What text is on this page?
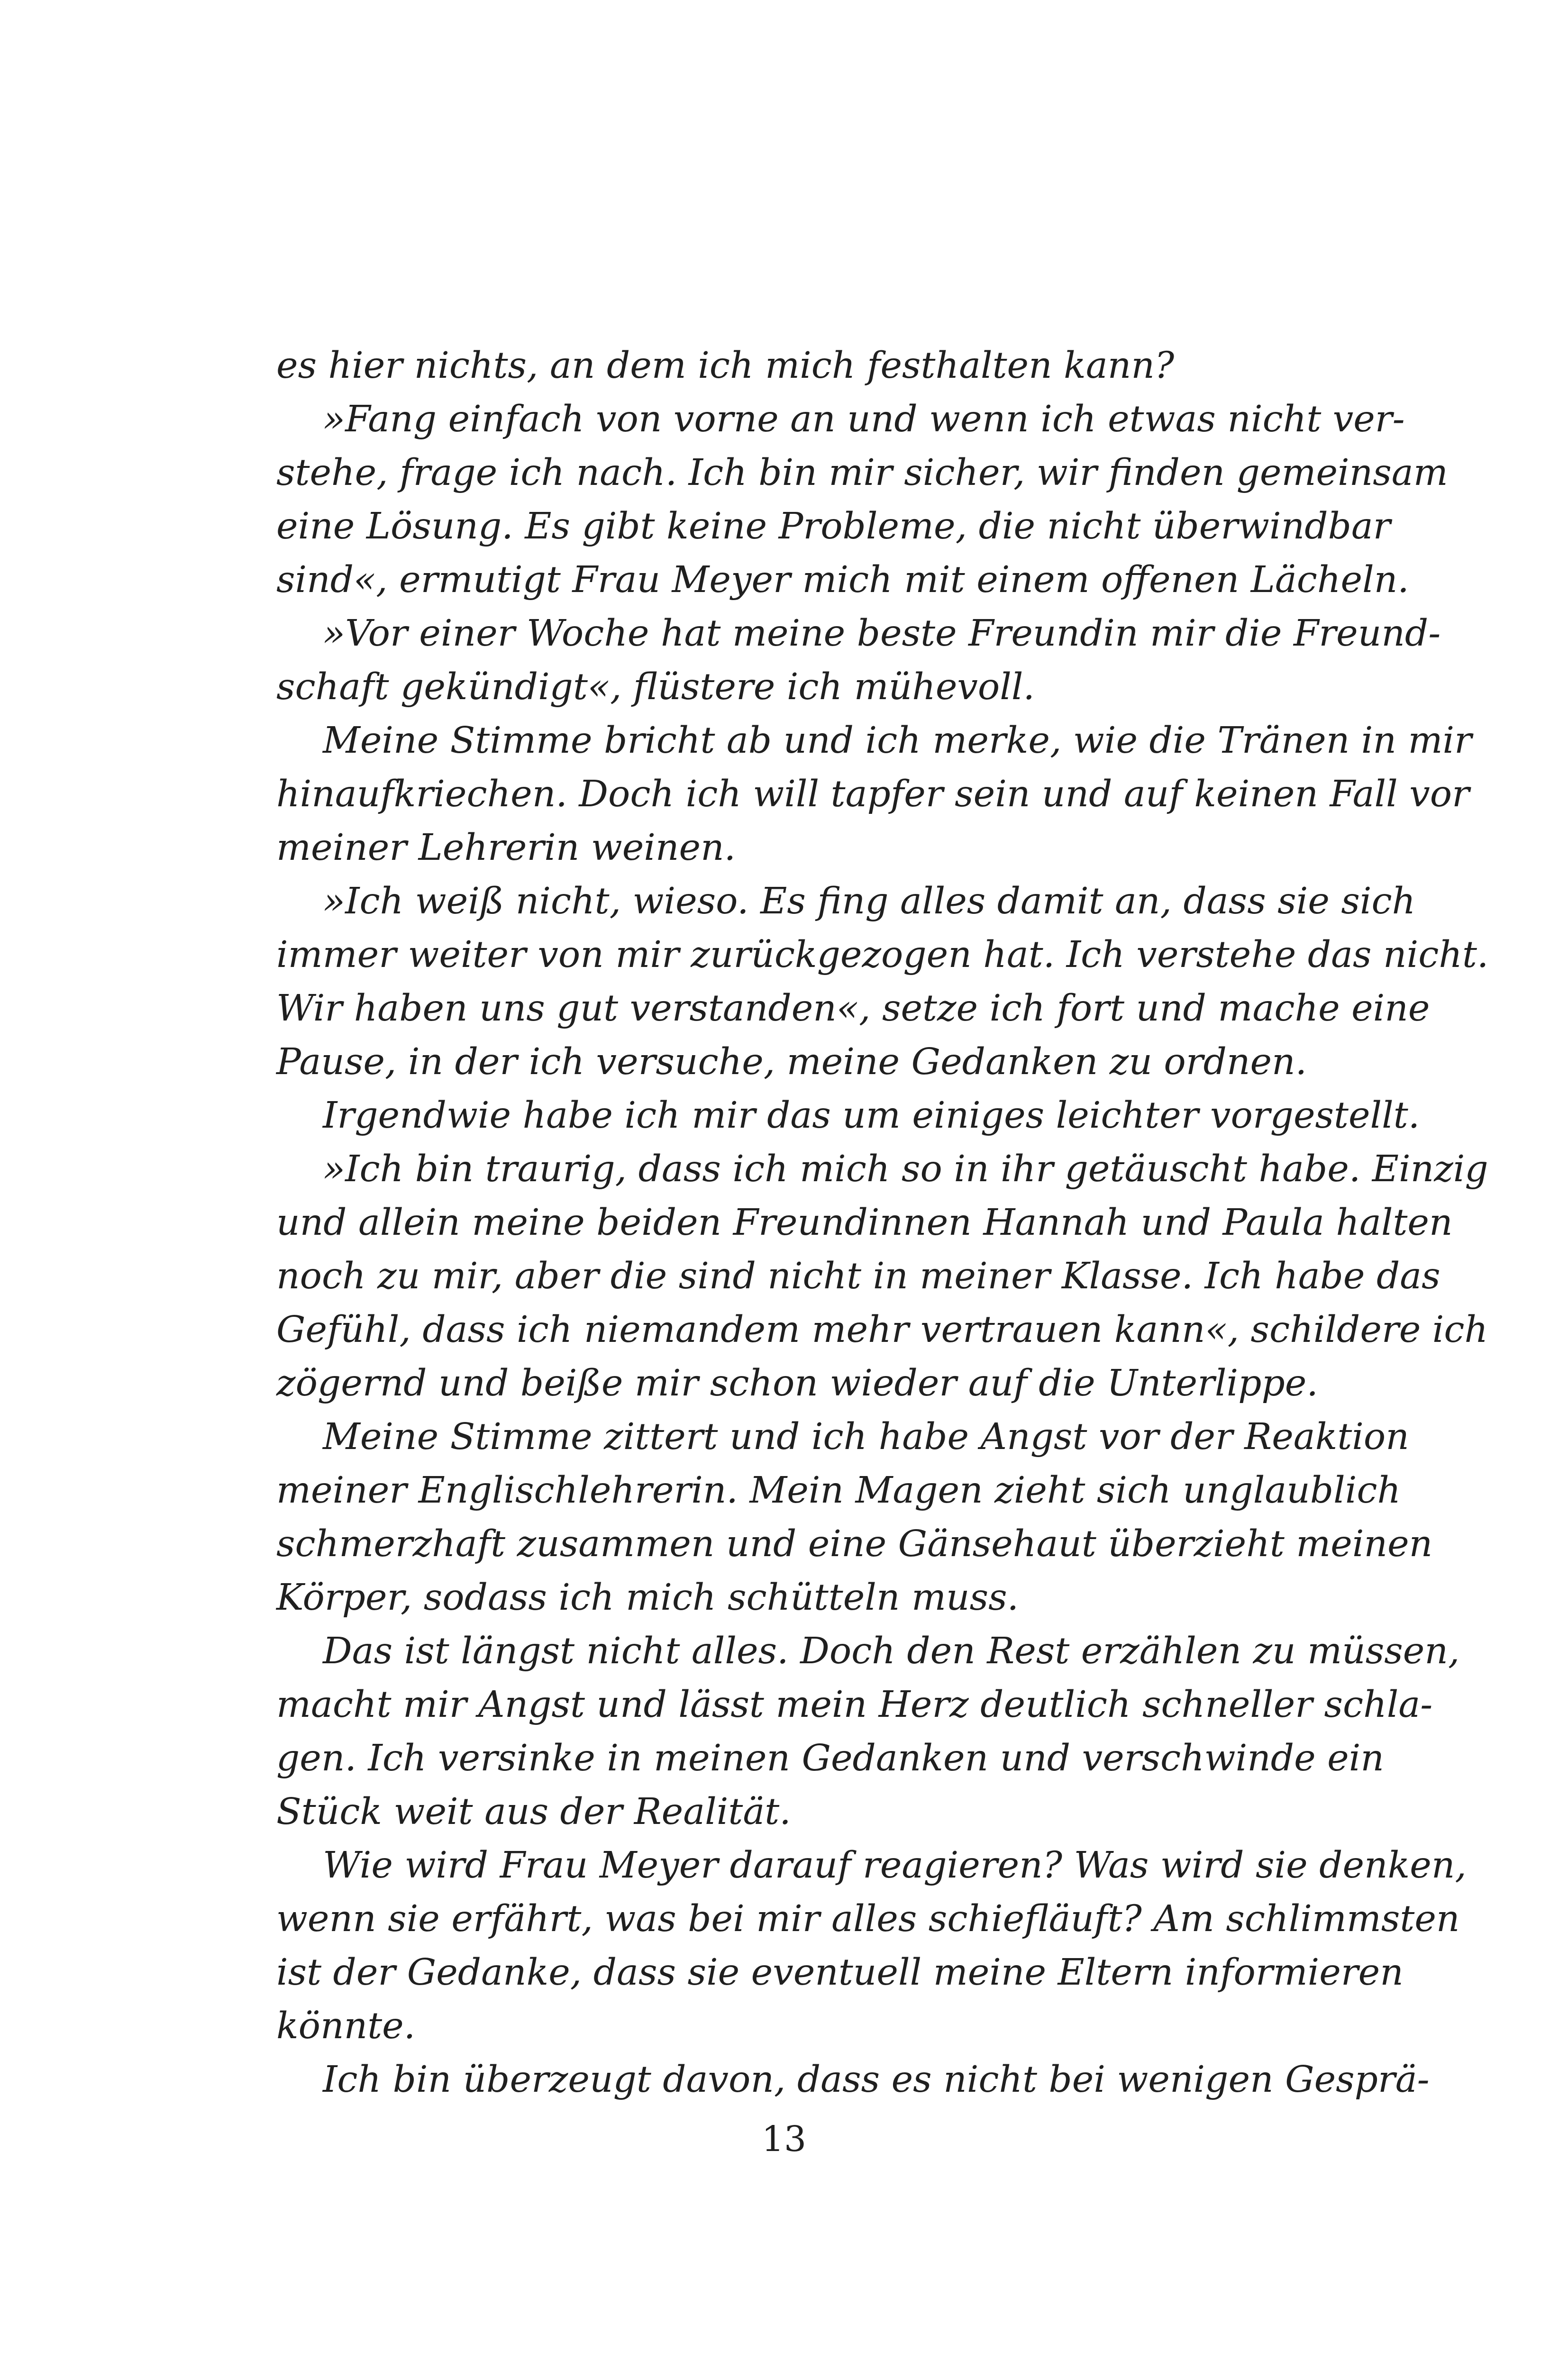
es hier nichts, an dem ich mich festhalten kann?
»Fang einfach von vorne an und wenn ich etwas nicht ver-
stehe, frage ich nach. Ich bin mir sicher, wir finden gemeinsam
eine Lösung. Es gibt keine Probleme, die nicht überwindbar
sind«, ermutigt Frau Meyer mich mit einem offenen Lächeln.
»Vor einer Woche hat meine beste Freundin mir die Freund-
schaft gekündigt«, flüstere ich mühevoll.
Meine Stimme bricht ab und ich merke, wie die Tränen in mir
hinaufkriechen. Doch ich will tapfer sein und auf keinen Fall vor
meiner Lehrerin weinen.
»Ich weiß nicht, wieso. Es fing alles damit an, dass sie sich
immer weiter von mir zurückgezogen hat. Ich verstehe das nicht.
Wir haben uns gut verstanden«, setze ich fort und mache eine
Pause, in der ich versuche, meine Gedanken zu ordnen.
Irgendwie habe ich mir das um einiges leichter vorgestellt.
»Ich bin traurig, dass ich mich so in ihr getäuscht habe. Einzig
und allein meine beiden Freundinnen Hannah und Paula halten
noch zu mir, aber die sind nicht in meiner Klasse. Ich habe das
Gefühl, dass ich niemandem mehr vertrauen kann«, schildere ich
zögernd und beiße mir schon wieder auf die Unterlippe.
Meine Stimme zittert und ich habe Angst vor der Reaktion
meiner Englischlehrerin. Mein Magen zieht sich unglaublich
schmerzhaft zusammen und eine Gänsehaut überzieht meinen
Körper, sodass ich mich schütteln muss.
Das ist längst nicht alles. Doch den Rest erzählen zu müssen,
macht mir Angst und lässt mein Herz deutlich schneller schla-
gen. Ich versinke in meinen Gedanken und verschwinde ein
Stück weit aus der Realität.
Wie wird Frau Meyer darauf reagieren? Was wird sie denken,
wenn sie erfährt, was bei mir alles schiefläuft? Am schlimmsten
ist der Gedanke, dass sie eventuell meine Eltern informieren
könnte.
Ich bin überzeugt davon, dass es nicht bei wenigen Gesprä-
13
